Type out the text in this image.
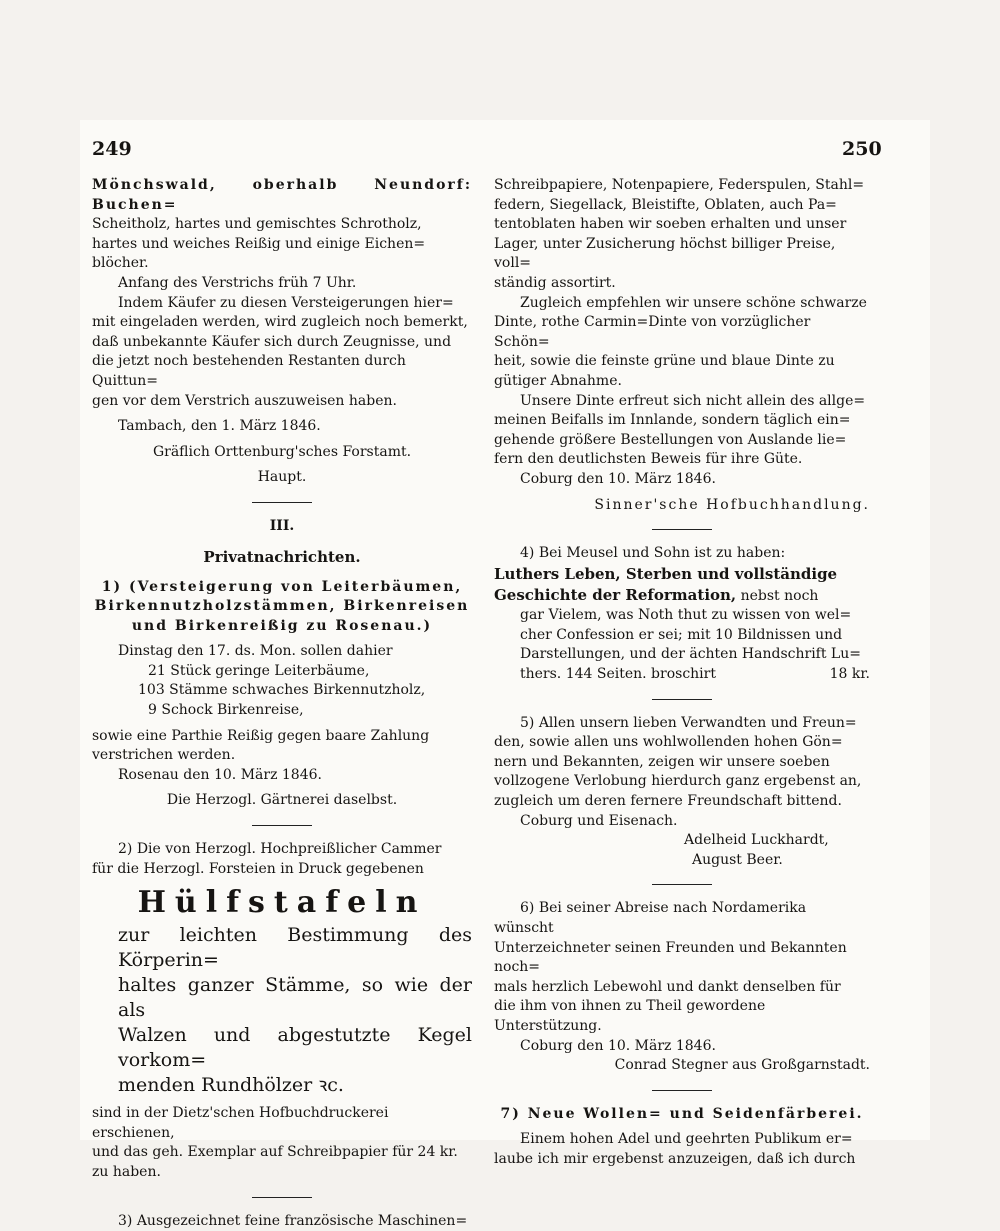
249	250
Mönchswald, oberhalb Neundorf: Buchen=
Scheitholz, hartes und gemischtes Schrotholz,
hartes und weiches Reißig und einige Eichen=
blöcher.
Anfang des Verstrichs früh 7 Uhr.
Indem Käufer zu diesen Versteigerungen hier=
mit eingeladen werden, wird zugleich noch bemerkt,
daß unbekannte Käufer sich durch Zeugnisse, und
die jetzt noch bestehenden Restanten durch Quittun=
gen vor dem Verstrich auszuweisen haben.
Tambach, den 1. März 1846.
Gräflich Orttenburg'sches Forstamt.
Haupt.
III.
Privatnachrichten.
1) (Versteigerung von Leiterbäumen,
Birkennutzholzstämmen, Birkenreisen
und Birkenreißig zu Rosenau.)
Dinstag den 17. ds. Mon. sollen dahier
21 Stück geringe Leiterbäume,
103 Stämme schwaches Birkennutzholz,
9 Schock Birkenreise,
sowie eine Parthie Reißig gegen baare Zahlung
verstrichen werden.
Rosenau den 10. März 1846.
Die Herzogl. Gärtnerei daselbst.
2) Die von Herzogl. Hochpreißlicher Cammer
für die Herzogl. Forsteien in Druck gegebenen
Hülfstafeln
zur leichten Bestimmung des Körperin=
haltes ganzer Stämme, so wie der als
Walzen und abgestutzte Kegel vorkom=
menden Rundhölzer ꝛc.
sind in der Dietz'schen Hofbuchdruckerei erschienen,
und das geh. Exemplar auf Schreibpapier für 24 kr.
zu haben.
3) Ausgezeichnet feine französische Maschinen=
Schreibpapiere, Notenpapiere, Federspulen, Stahl=
federn, Siegellack, Bleistifte, Oblaten, auch Pa=
tentoblaten haben wir soeben erhalten und unser
Lager, unter Zusicherung höchst billiger Preise, voll=
ständig assortirt.
Zugleich empfehlen wir unsere schöne schwarze
Dinte, rothe Carmin=Dinte von vorzüglicher Schön=
heit, sowie die feinste grüne und blaue Dinte zu
gütiger Abnahme.
Unsere Dinte erfreut sich nicht allein des allge=
meinen Beifalls im Innlande, sondern täglich ein=
gehende größere Bestellungen von Auslande lie=
fern den deutlichsten Beweis für ihre Güte.
Coburg den 10. März 1846.
Sinner'sche Hofbuchhandlung.
4) Bei Meusel und Sohn ist zu haben:
Luthers Leben, Sterben und vollständige
Geschichte der Reformation, nebst noch
gar Vielem, was Noth thut zu wissen von wel=
cher Confession er sei; mit 10 Bildnissen und
Darstellungen, und der ächten Handschrift Lu=
thers. 144 Seiten. broschirt	18 kr.
5) Allen unsern lieben Verwandten und Freun=
den, sowie allen uns wohlwollenden hohen Gön=
nern und Bekannten, zeigen wir unsere soeben
vollzogene Verlobung hierdurch ganz ergebenst an,
zugleich um deren fernere Freundschaft bittend.
Coburg und Eisenach.
Adelheid Luckhardt,
August Beer.
6) Bei seiner Abreise nach Nordamerika wünscht
Unterzeichneter seinen Freunden und Bekannten noch=
mals herzlich Lebewohl und dankt denselben für
die ihm von ihnen zu Theil gewordene Unterstützung.
Coburg den 10. März 1846.
Conrad Stegner aus Großgarnstadt.
7) Neue Wollen= und Seidenfärberei.
Einem hohen Adel und geehrten Publikum er=
laube ich mir ergebenst anzuzeigen, daß ich durch
